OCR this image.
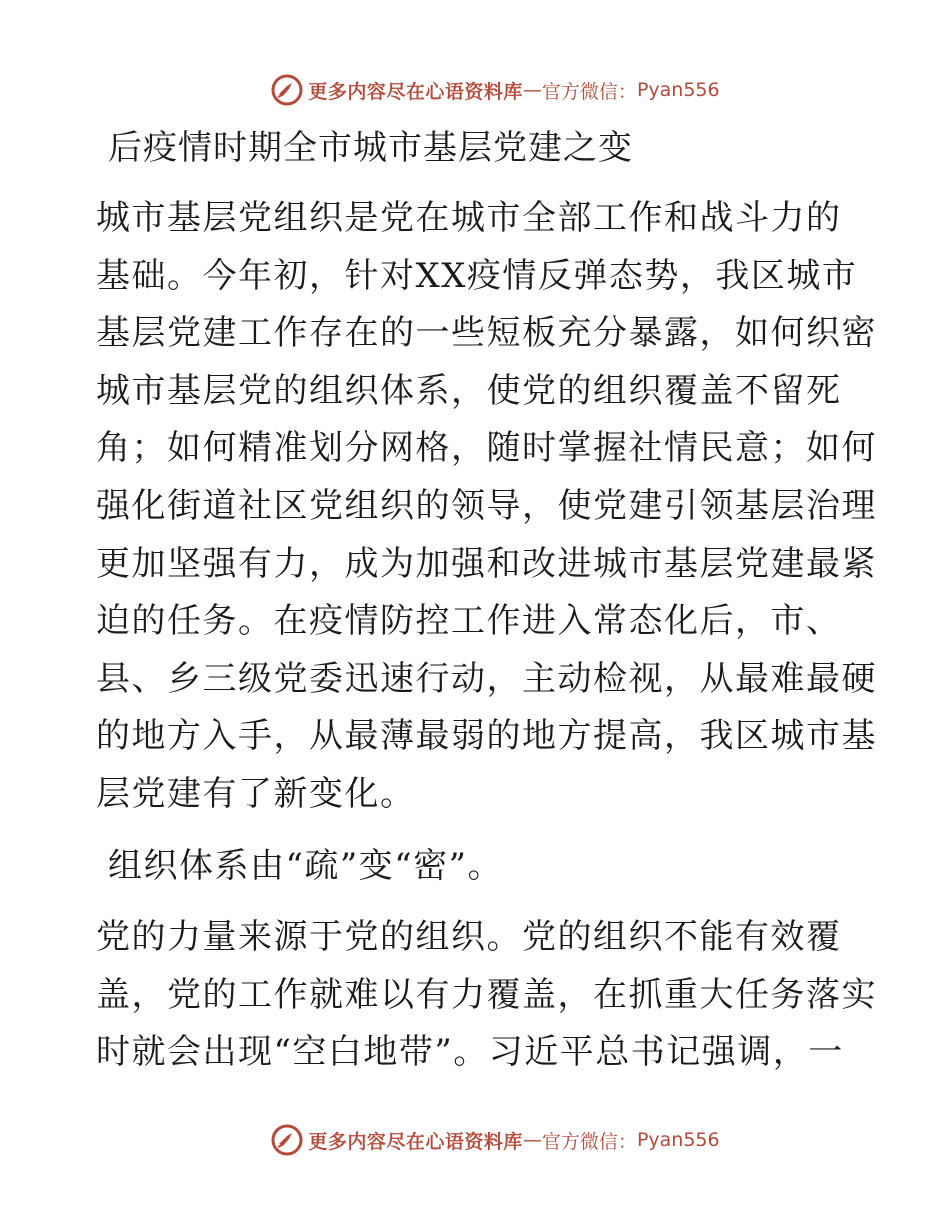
更多内容尽在心语资料库 — 官方微信： Pyan556
后疫情时期全市城市基层党建之变

城市基层党组织是党在城市全部工作和战斗力的
基础。今年初，针对XX疫情反弹态势，我区城市
基层党建工作存在的一些短板充分暴露，如何织密
城市基层党的组织体系，使党的组织覆盖不留死
角；如何精准划分网格，随时掌握社情民意；如何
强化街道社区党组织的领导，使党建引领基层治理
更加坚强有力，成为加强和改进城市基层党建最紧
迫的任务。在疫情防控工作进入常态化后，市、
县、乡三级党委迅速行动，主动检视，从最难最硬
的地方入手，从最薄最弱的地方提高，我区城市基
层党建有了新变化。

组织体系由“疏”变“密”。

党的力量来源于党的组织。党的组织不能有效覆
盖，党的工作就难以有力覆盖，在抓重大任务落实
时就会出现“空白地带”。习近平总书记强调，一

更多内容尽在心语资料库 — 官方微信： Pyan556
